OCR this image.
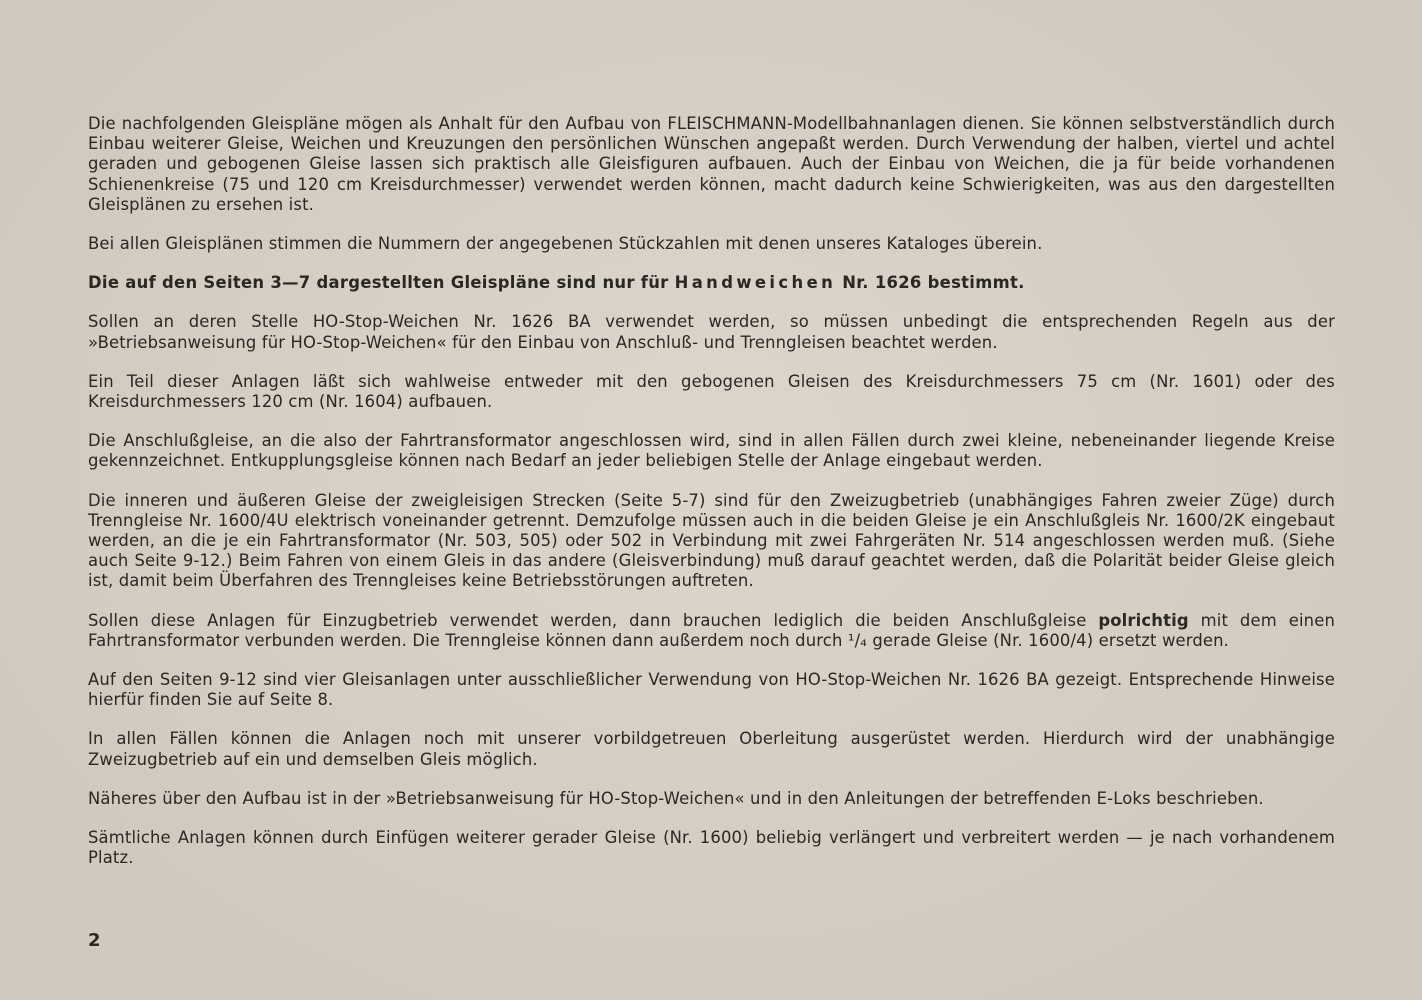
Die nachfolgenden Gleispläne mögen als Anhalt für den Aufbau von FLEISCHMANN-Modellbahnanlagen dienen. Sie können selbstverständlich durch Einbau weiterer Gleise, Weichen und Kreuzungen den persönlichen Wünschen angepaßt werden. Durch Verwendung der halben, viertel und achtel geraden und gebogenen Gleise lassen sich praktisch alle Gleisfiguren aufbauen. Auch der Einbau von Weichen, die ja für beide vorhandenen Schienenkreise (75 und 120 cm Kreisdurchmesser) verwendet werden können, macht dadurch keine Schwierigkeiten, was aus den dargestellten Gleisplänen zu ersehen ist.

Bei allen Gleisplänen stimmen die Nummern der angegebenen Stückzahlen mit denen unseres Kataloges überein.

Die auf den Seiten 3—7 dargestellten Gleispläne sind nur für Handweichen Nr. 1626 bestimmt.

Sollen an deren Stelle HO-Stop-Weichen Nr. 1626 BA verwendet werden, so müssen unbedingt die entsprechenden Regeln aus der »Betriebsanweisung für HO-Stop-Weichen« für den Einbau von Anschluß- und Trenngleisen beachtet werden.

Ein Teil dieser Anlagen läßt sich wahlweise entweder mit den gebogenen Gleisen des Kreisdurchmessers 75 cm (Nr. 1601) oder des Kreisdurchmessers 120 cm (Nr. 1604) aufbauen.

Die Anschlußgleise, an die also der Fahrtransformator angeschlossen wird, sind in allen Fällen durch zwei kleine, nebeneinander liegende Kreise gekennzeichnet. Entkupplungsgleise können nach Bedarf an jeder beliebigen Stelle der Anlage eingebaut werden.

Die inneren und äußeren Gleise der zweigleisigen Strecken (Seite 5-7) sind für den Zweizugbetrieb (unabhängiges Fahren zweier Züge) durch Trenngleise Nr. 1600/4U elektrisch voneinander getrennt. Demzufolge müssen auch in die beiden Gleise je ein Anschlußgleis Nr. 1600/2K eingebaut werden, an die je ein Fahrtransformator (Nr. 503, 505) oder 502 in Verbindung mit zwei Fahrgeräten Nr. 514 angeschlossen werden muß. (Siehe auch Seite 9-12.) Beim Fahren von einem Gleis in das andere (Gleisverbindung) muß darauf geachtet werden, daß die Polarität beider Gleise gleich ist, damit beim Überfahren des Trenngleises keine Betriebsstörungen auftreten.

Sollen diese Anlagen für Einzugbetrieb verwendet werden, dann brauchen lediglich die beiden Anschlußgleise polrichtig mit dem einen Fahrtransformator verbunden werden. Die Trenngleise können dann außerdem noch durch ¹/₄ gerade Gleise (Nr. 1600/4) ersetzt werden.

Auf den Seiten 9-12 sind vier Gleisanlagen unter ausschließlicher Verwendung von HO-Stop-Weichen Nr. 1626 BA gezeigt. Entsprechende Hinweise hierfür finden Sie auf Seite 8.

In allen Fällen können die Anlagen noch mit unserer vorbildgetreuen Oberleitung ausgerüstet werden. Hierdurch wird der unabhängige Zweizugbetrieb auf ein und demselben Gleis möglich.

Näheres über den Aufbau ist in der »Betriebsanweisung für HO-Stop-Weichen« und in den Anleitungen der betreffenden E-Loks beschrieben.

Sämtliche Anlagen können durch Einfügen weiterer gerader Gleise (Nr. 1600) beliebig verlängert und verbreitert werden — je nach vorhandenem Platz.

2
